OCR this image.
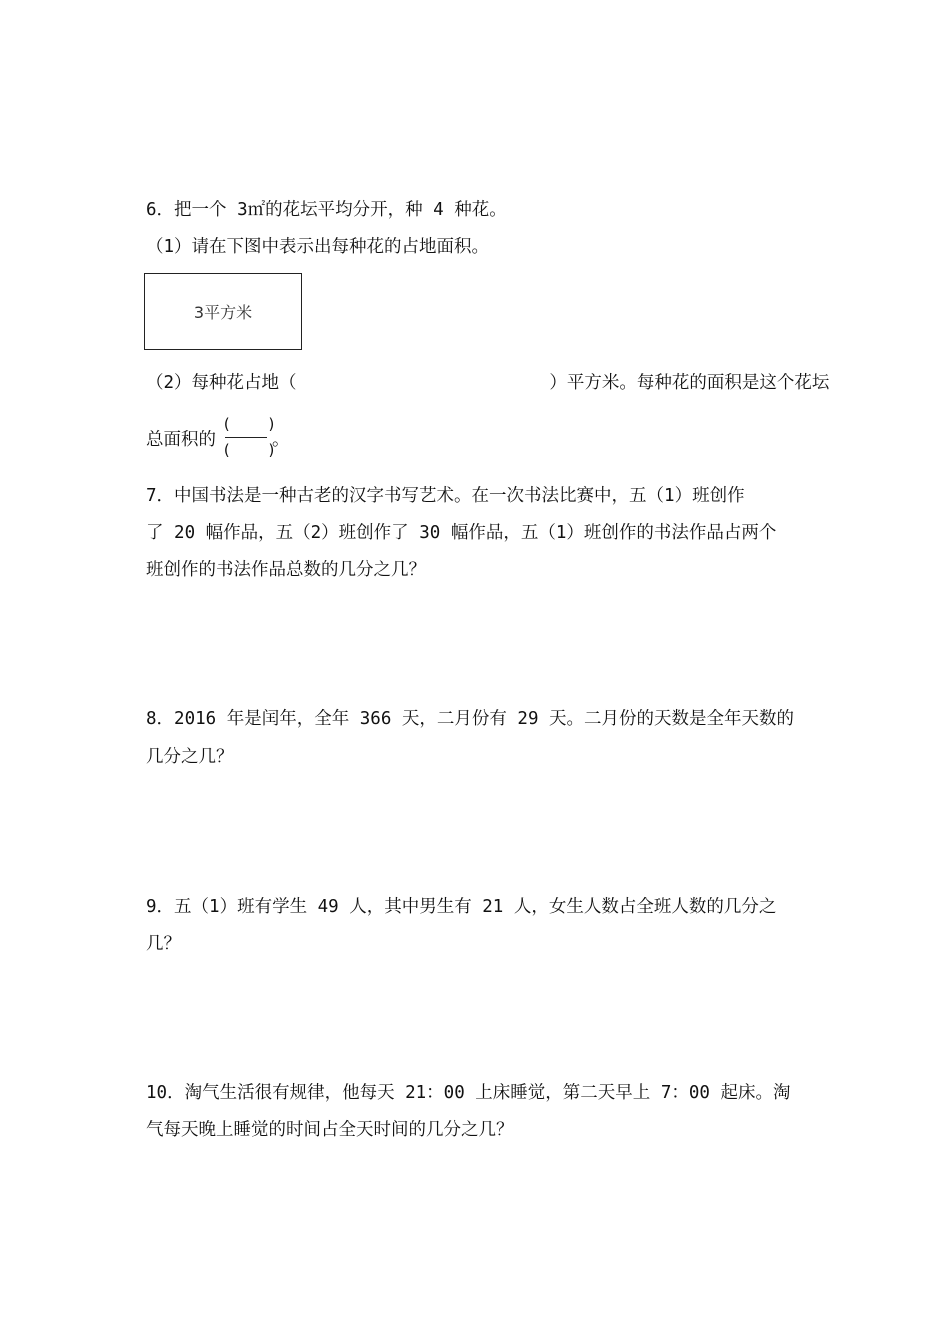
6．把一个 3㎡的花坛平均分开，种 4 种花。
（1）请在下图中表示出每种花的占地面积。
3平方米
（2）每种花占地（                        ）平方米。每种花的面积是这个花坛
总面积的
(    )
(    )
。
7．中国书法是一种古老的汉字书写艺术。在一次书法比赛中，五（1）班创作
了 20 幅作品，五（2）班创作了 30 幅作品，五（1）班创作的书法作品占两个
班创作的书法作品总数的几分之几？
8．2016 年是闰年，全年 366 天，二月份有 29 天。二月份的天数是全年天数的
几分之几？
9．五（1）班有学生 49 人，其中男生有 21 人，女生人数占全班人数的几分之
几？
10．淘气生活很有规律，他每天 21：00 上床睡觉，第二天早上 7：00 起床。淘
气每天晚上睡觉的时间占全天时间的几分之几？
